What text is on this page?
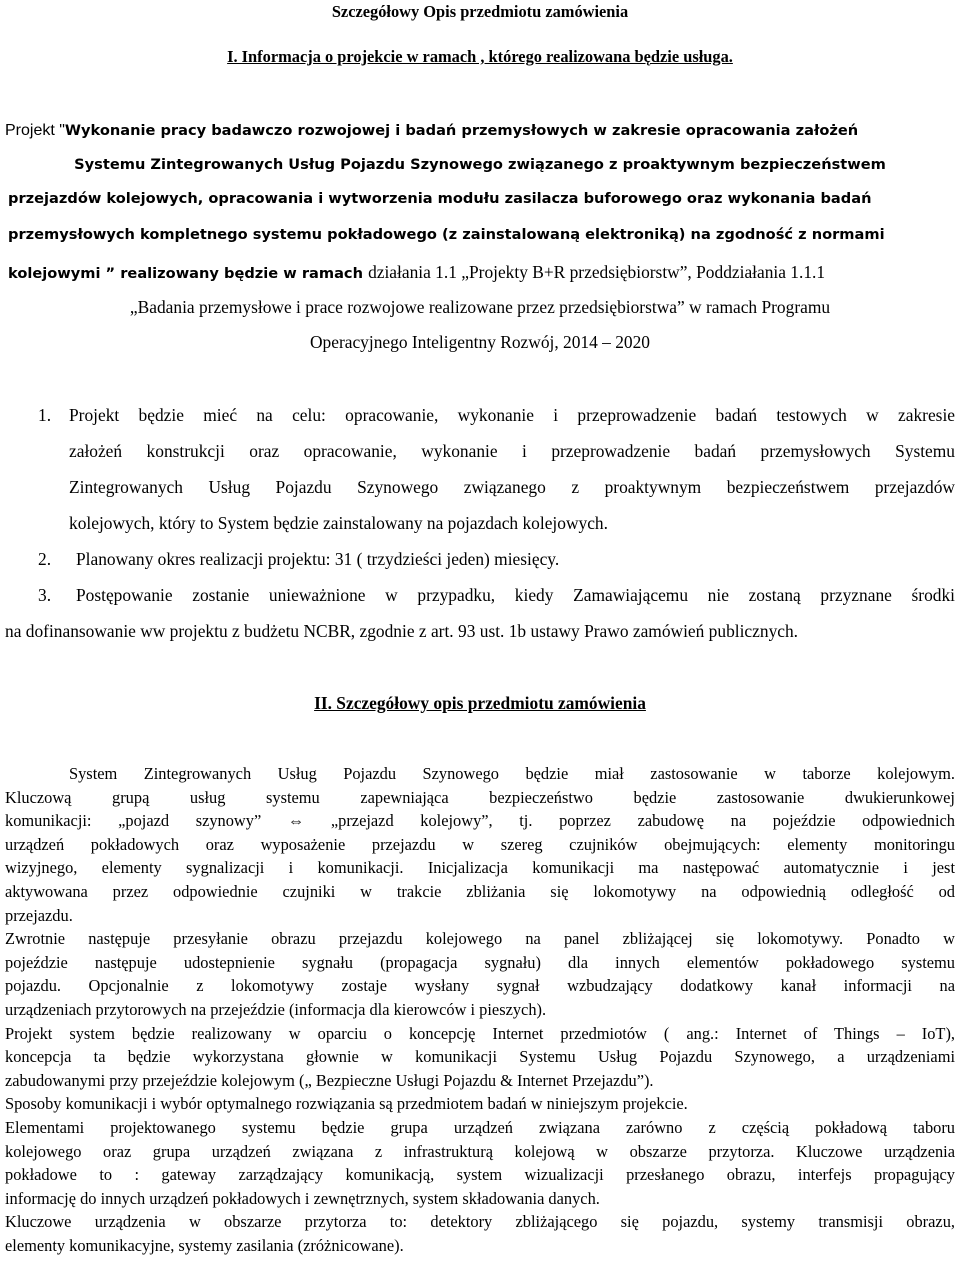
Szczegółowy Opis przedmiotu zamówienia
I. Informacja o projekcie w ramach , którego realizowana będzie usługa.
Projekt "Wykonanie pracy badawczo rozwojowej i badań przemysłowych w zakresie opracowania założeń
Systemu Zintegrowanych Usług Pojazdu Szynowego związanego z proaktywnym bezpieczeństwem
przejazdów kolejowych, opracowania i wytworzenia modułu zasilacza buforowego oraz wykonania badań
przemysłowych kompletnego systemu pokładowego (z zainstalowaną elektroniką) na zgodność z normami
kolejowymi ” realizowany będzie w ramach działania 1.1 „Projekty B+R przedsiębiorstw”, Poddziałania 1.1.1
„Badania przemysłowe i prace rozwojowe realizowane przez przedsiębiorstwa” w ramach Programu
Operacyjnego Inteligentny Rozwój, 2014 – 2020
1. Projekt będzie mieć na celu: opracowanie, wykonanie i przeprowadzenie badań testowych w zakresie
założeń konstrukcji oraz opracowanie, wykonanie i przeprowadzenie badań przemysłowych Systemu
Zintegrowanych Usług Pojazdu Szynowego związanego z proaktywnym bezpieczeństwem przejazdów
kolejowych, który to System będzie zainstalowany na pojazdach kolejowych.
2. Planowany okres realizacji projektu: 31 ( trzydzieści jeden) miesięcy.
3. Postępowanie zostanie unieważnione w przypadku, kiedy Zamawiającemu nie zostaną przyznane środki
na dofinansowanie ww projektu z budżetu NCBR, zgodnie z art. 93 ust. 1b ustawy Prawo zamówień publicznych.
II. Szczegółowy opis przedmiotu zamówienia
System Zintegrowanych Usług Pojazdu Szynowego będzie miał zastosowanie w taborze kolejowym.
Kluczową grupą usług systemu zapewniająca bezpieczeństwo będzie zastosowanie dwukierunkowej
komunikacji: „pojazd szynowy” ⇔ „przejazd kolejowy”, tj. poprzez zabudowę na pojeździe odpowiednich
urządzeń pokładowych oraz wyposażenie przejazdu w szereg czujników obejmujących: elementy monitoringu
wizyjnego, elementy sygnalizacji i komunikacji. Inicjalizacja komunikacji ma następować automatycznie i jest
aktywowana przez odpowiednie czujniki w trakcie zbliżania się lokomotywy na odpowiednią odległość od
przejazdu.
Zwrotnie następuje przesyłanie obrazu przejazdu kolejowego na panel zbliżającej się lokomotywy. Ponadto w
pojeździe następuje udostepnienie sygnału (propagacja sygnału) dla innych elementów pokładowego systemu
pojazdu. Opcjonalnie z lokomotywy zostaje wysłany sygnał wzbudzający dodatkowy kanał informacji na
urządzeniach przytorowych na przejeździe (informacja dla kierowców i pieszych).
Projekt system będzie realizowany w oparciu o koncepcję Internet przedmiotów ( ang.: Internet of Things – IoT),
koncepcja ta będzie wykorzystana głownie w komunikacji Systemu Usług Pojazdu Szynowego, a urządzeniami
zabudowanymi przy przejeździe kolejowym („ Bezpieczne Usługi Pojazdu & Internet Przejazdu”).
Sposoby komunikacji i wybór optymalnego rozwiązania są przedmiotem badań w niniejszym projekcie.
Elementami projektowanego systemu będzie grupa urządzeń związana zarówno z częścią pokładową taboru
kolejowego oraz grupa urządzeń związana z infrastrukturą kolejową w obszarze przytorza. Kluczowe urządzenia
pokładowe to : gateway zarządzający komunikacją, system wizualizacji przesłanego obrazu, interfejs propagujący
informację do innych urządzeń pokładowych i zewnętrznych, system składowania danych.
Kluczowe urządzenia w obszarze przytorza to: detektory zbliżającego się pojazdu, systemy transmisji obrazu,
elementy komunikacyjne, systemy zasilania (zróżnicowane).
